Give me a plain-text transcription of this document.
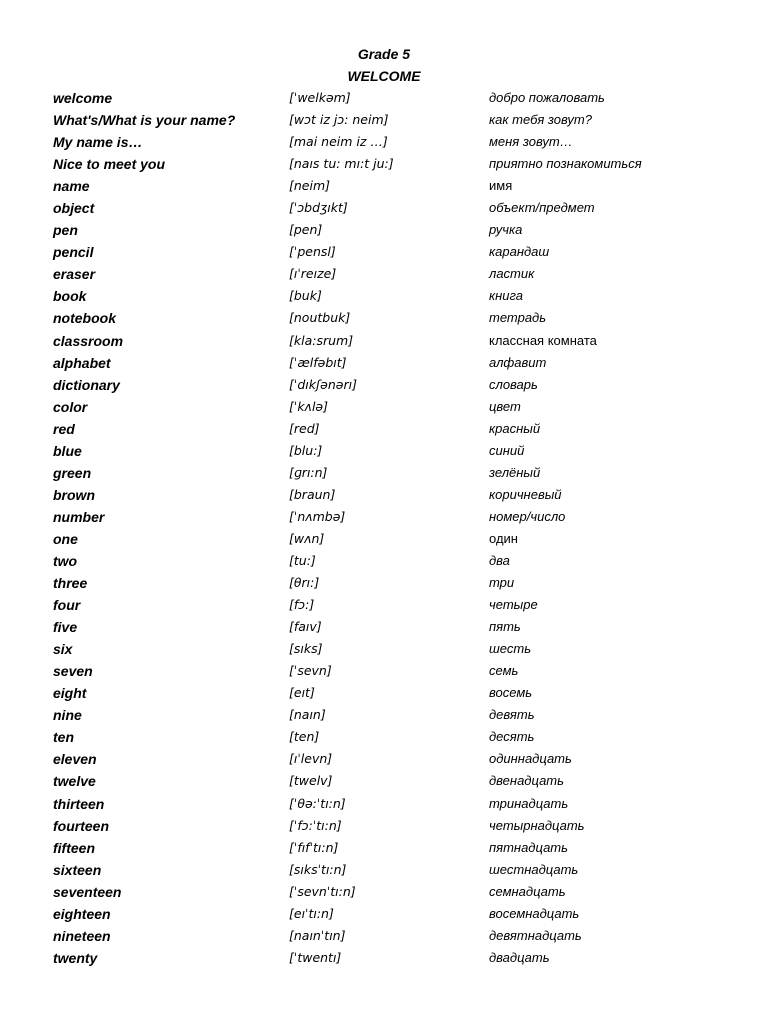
Grade 5
WELCOME
welcome	[ˈwelkəm]	добро пожаловать
What's/What is your name?	[wɔt iz jɔ: neim]	как тебя зовут?
My name is…	[mai neim iz …]	меня зовут…
Nice to meet you	[naıs tu: mı:t ju:]	приятно познакомиться
name	[neim]	имя
object	[ˈɔbdʒıkt]	объект/предмет
pen	[pen]	ручка
pencil	[ˈpensl]	карандаш
eraser	[ıˈreıze]	ластик
book	[buk]	книга
notebook	[noutbuk]	тетрадь
classroom	[kla:srum]	классная комната
alphabet	[ˈælfəbıt]	алфавит
dictionary	[ˈdıkʃənərı]	словарь
color	[ˈkʌlə]	цвет
red	[red]	красный
blue	[blu:]	синий
green	[ɡrı:n]	зелёный
brown	[braun]	коричневый
number	[ˈnʌmbə]	номер/число
one	[wʌn]	один
two	[tu:]	два
three	[θrı:]	три
four	[fɔ:]	четыре
five	[faıv]	пять
six	[sıks]	шесть
seven	[ˈsevn]	семь
eight	[eıt]	восемь
nine	[naın]	девять
ten	[ten]	десять
eleven	[ıˈlevn]	одиннадцать
twelve	[twelv]	двенадцать
thirteen	[ˈθə:ˈtı:n]	тринадцать
fourteen	[ˈfɔ:ˈtı:n]	четырнадцать
fifteen	[ˈfıfˈtı:n]	пятнадцать
sixteen	[sıksˈtı:n]	шестнадцать
seventeen	[ˈsevnˈtı:n]	семнадцать
eighteen	[eıˈtı:n]	восемнадцать
nineteen	[naınˈtın]	девятнадцать
twenty	[ˈtwentı]	двадцать
